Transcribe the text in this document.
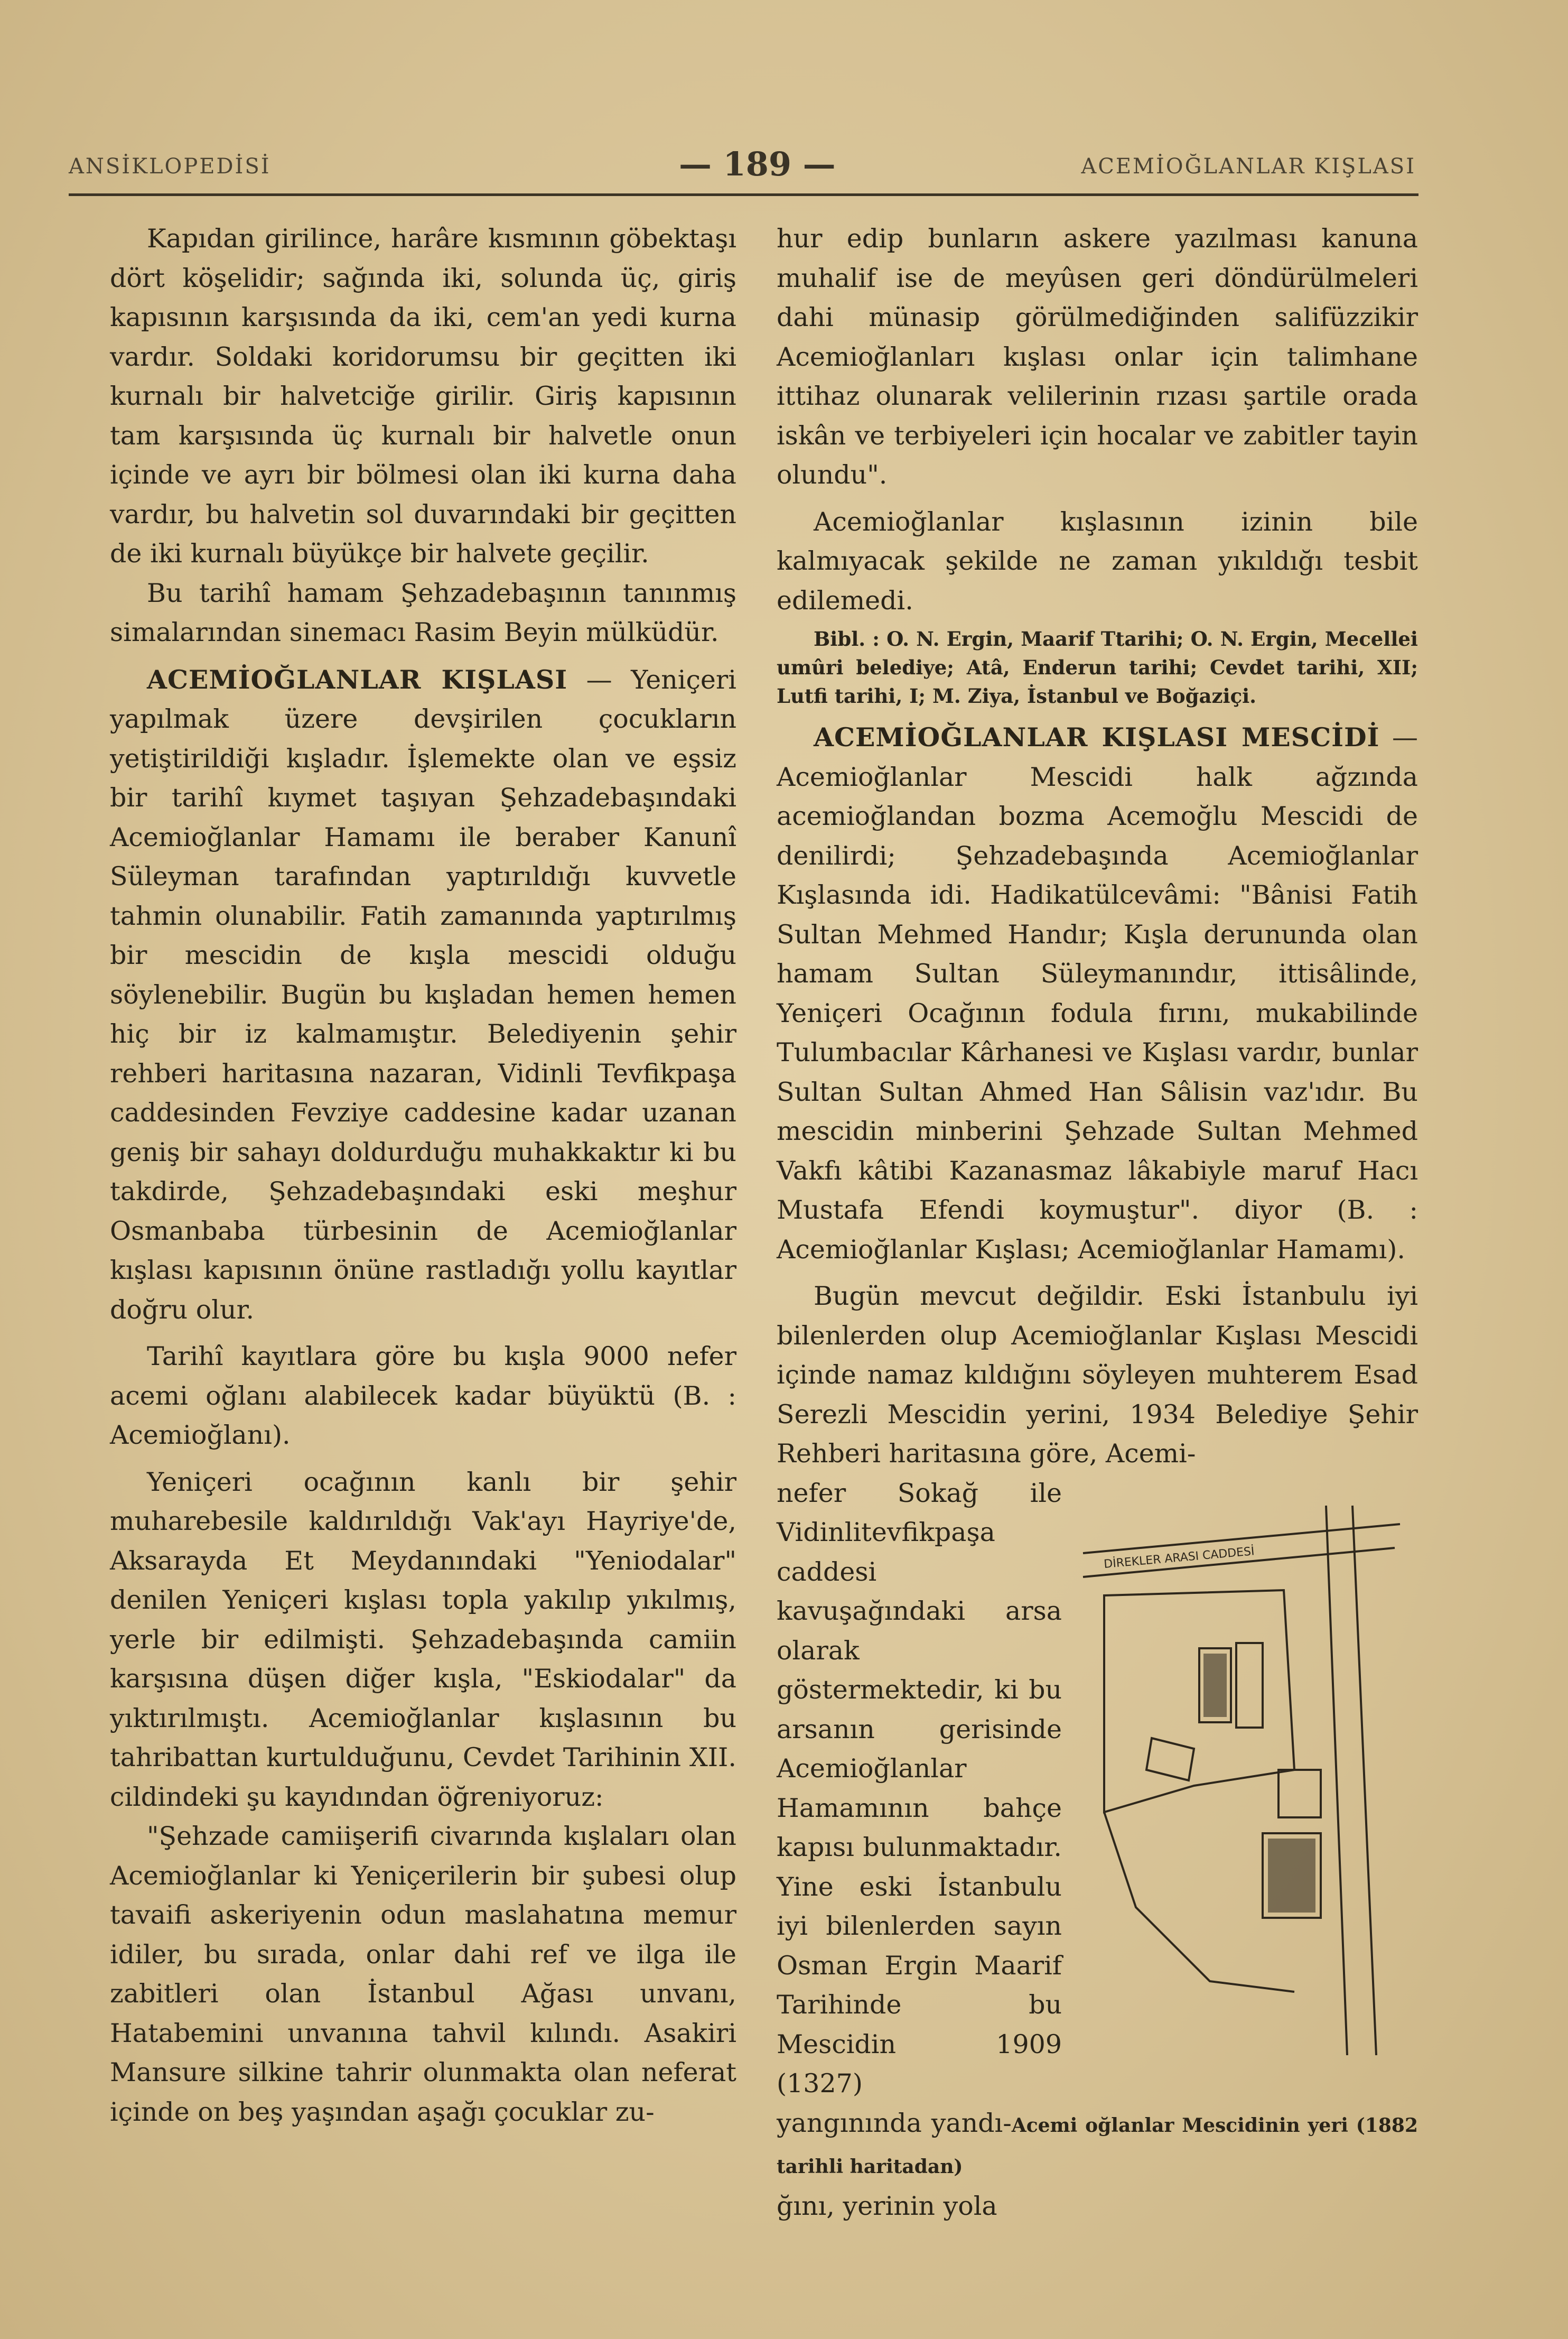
ANSİKLOPEDİSİ	— 189 —	ACEMİOĞLANLAR KIŞLASI

Kapıdan girilince, harâre kısmının göbektaşı dört köşelidir; sağında iki, solunda üç, giriş kapısının karşısında da iki, cem'an yedi kurna vardır. Soldaki koridorumsu bir geçitten iki kurnalı bir halvetciğe girilir. Giriş kapısının tam karşısında üç kurnalı bir halvetle onun içinde ve ayrı bir bölmesi olan iki kurna daha vardır, bu halvetin sol duvarındaki bir geçitten de iki kurnalı büyükçe bir halvete geçilir.

Bu tarihî hamam Şehzadebaşının tanınmış simalarından sinemacı Rasim Beyin mülküdür.

ACEMİOĞLANLAR KIŞLASI — Yeniçeri yapılmak üzere devşirilen çocukların yetiştirildiği kışladır. İşlemekte olan ve eşsiz bir tarihî kıymet taşıyan Şehzadebaşındaki Acemioğlanlar Hamamı ile beraber Kanunî Süleyman tarafından yaptırıldığı kuvvetle tahmin olunabilir. Fatih zamanında yaptırılmış bir mescidin de kışla mescidi olduğu söylenebilir. Bugün bu kışladan hemen hemen hiç bir iz kalmamıştır. Belediyenin şehir rehberi haritasına nazaran, Vidinli Tevfikpaşa caddesinden Fevziye caddesine kadar uzanan geniş bir sahayı doldurduğu muhakkaktır ki bu takdirde, Şehzadebaşındaki eski meşhur Osmanbaba türbesinin de Acemioğlanlar kışlası kapısının önüne rastladığı yollu kayıtlar doğru olur.

Tarihî kayıtlara göre bu kışla 9000 nefer acemi oğlanı alabilecek kadar büyüktü (B. : Acemioğlanı).

Yeniçeri ocağının kanlı bir şehir muharebesile kaldırıldığı Vak'ayı Hayriye'de, Aksarayda Et Meydanındaki "Yeniodalar" denilen Yeniçeri kışlası topla yakılıp yıkılmış, yerle bir edilmişti. Şehzadebaşında camiin karşısına düşen diğer kışla, "Eskiodalar" da yıktırılmıştı. Acemioğlanlar kışlasının bu tahribattan kurtulduğunu, Cevdet Tarihinin XII. cildindeki şu kayıdından öğreniyoruz:

"Şehzade camiişerifi civarında kışlaları olan Acemioğlanlar ki Yeniçerilerin bir şubesi olup tavaifi askeriyenin odun maslahatına memur idiler, bu sırada, onlar dahi ref ve ilga ile zabitleri olan İstanbul Ağası unvanı, Hatabemini unvanına tahvil kılındı. Asakiri Mansure silkine tahrir olunmakta olan neferat içinde on beş yaşından aşağı çocuklar zu-

hur edip bunların askere yazılması kanuna muhalif ise de meyûsen geri döndürülmeleri dahi münasip görülmediğinden salifüzzikir Acemioğlanları kışlası onlar için talimhane ittihaz olunarak velilerinin rızası şartile orada iskân ve terbiyeleri için hocalar ve zabitler tayin olundu".

Acemioğlanlar kışlasının izinin bile kalmıyacak şekilde ne zaman yıkıldığı tesbit edilemedi.

Bibl. : O. N. Ergin, Maarif Ttarihi; O. N. Ergin, Mecellei umûri belediye; Atâ, Enderun tarihi; Cevdet tarihi, XII; Lutfi tarihi, I; M. Ziya, İstanbul ve Boğaziçi.

ACEMİOĞLANLAR KIŞLASI MESCİDİ — Acemioğlanlar Mescidi halk ağzında acemioğlandan bozma Acemoğlu Mescidi de denilirdi; Şehzadebaşında Acemioğlanlar Kışlasında idi. Hadikatülcevâmi: "Bânisi Fatih Sultan Mehmed Handır; Kışla derununda olan hamam Sultan Süleymanındır, ittisâlinde, Yeniçeri Ocağının fodula fırını, mukabilinde Tulumbacılar Kârhanesi ve Kışlası vardır, bunlar Sultan Sultan Ahmed Han Sâlisin vaz'ıdır. Bu mescidin minberini Şehzade Sultan Mehmed Vakfı kâtibi Kazanasmaz lâkabiyle maruf Hacı Mustafa Efendi koymuştur". diyor (B. : Acemioğlanlar Kışlası; Acemioğlanlar Hamamı).

Bugün mevcut değildir. Eski İstanbulu iyi bilenlerden olup Acemioğlanlar Kışlası Mescidi içinde namaz kıldığını söyleyen muhterem Esad Serezli Mescidin yerini, 1934 Belediye Şehir Rehberi haritasına göre, Acemi-

nefer Sokağ ile Vidinlitevfikpaşa caddesi kavuşağındaki arsa olarak göstermektedir, ki bu arsanın gerisinde Acemioğlanlar Hamamının bahçe kapısı bulunmaktadır. Yine eski İstanbulu iyi bilenlerden sayın Osman Ergin Maarif Tarihinde bu Mescidin 1909 (1327)

DİREKLER ARASI CADDESİ

yangınında yandı-Acemi oğlanlar Mescidinin yeri (1882 tarihli haritadan)

ğını, yerinin yola
